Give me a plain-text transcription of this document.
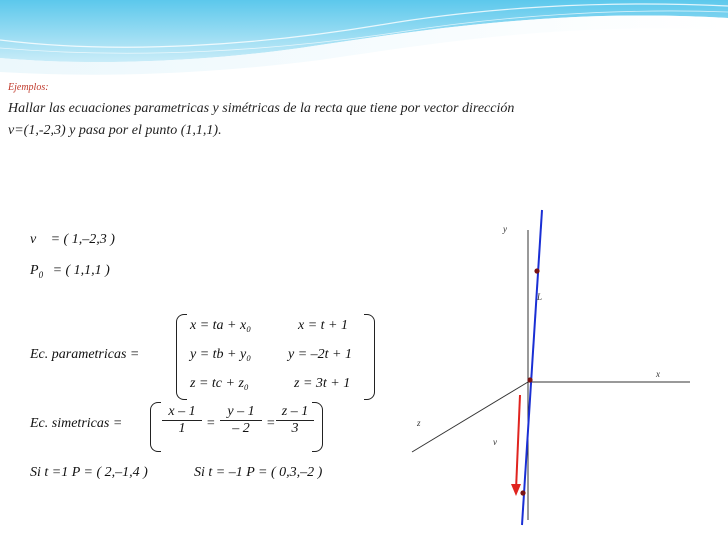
Ejemplos:
Hallar las ecuaciones parametricas y simétricas de la recta que tiene por vector dirección
v=(1,-2,3) y pasa por el punto (1,1,1).
v⃗ = ( 1,–2,3 )
$P_0$ = ( 1,1,1 )
Ec. parametricas =
x = ta + x₀
y = tb + y₀
z = tc + z₀
x = t + 1
y = –2t + 1
z = 3t + 1
Ec. simetricas =	$\frac{x - 1}{1} = \frac{y - 1}{- 2} = \frac{z - 1}{3}$
Si t =1 P = ( 2,–1,4 )	Si t = –1 P = ( 0,3,–2 )
y
x
z
L
v
